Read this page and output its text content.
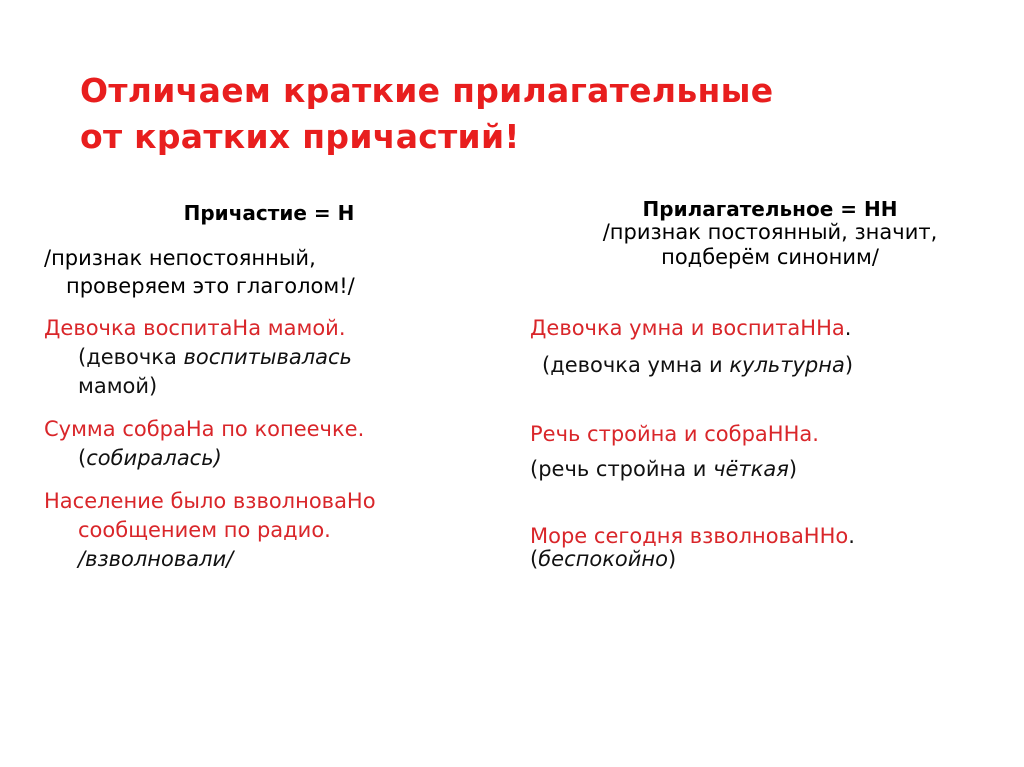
Отличаем краткие прилагательные
от кратких причастий!

Причастие = Н

/признак непостоянный,
проверяем это глаголом!/

Девочка воспитаНа мамой.

(девочка воспитывалась
мамой)

Сумма собраНа по копеечке.

(собиралась)

Население было взволноваНо
сообщением по радио.

/взволновали/

Прилагательное = НН

/признак постоянный, значит,
подберём синоним/

Девочка умна и воспитаННа.

(девочка умна и культурна)

Речь стройна и собраННа.

(речь стройна и чёткая)

Море сегодня взволноваННо.

(беспокойно)
